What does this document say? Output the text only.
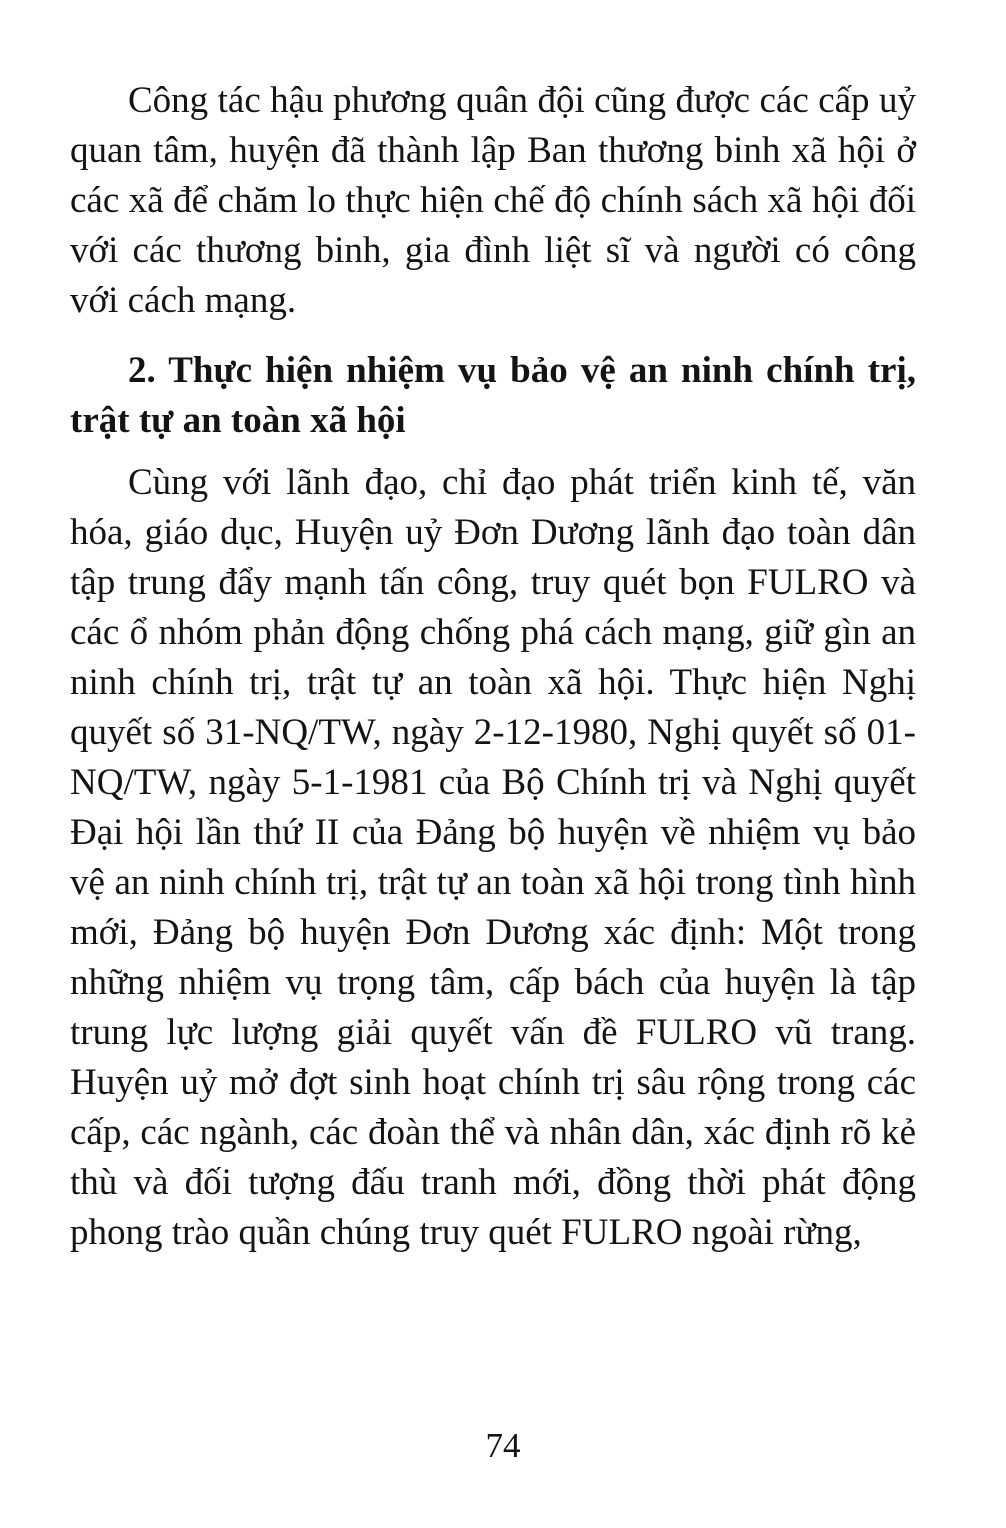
Công tác hậu phương quân đội cũng được các cấp uỷ quan tâm, huyện đã thành lập Ban thương binh xã hội ở các xã để chăm lo thực hiện chế độ chính sách xã hội đối với các thương binh, gia đình liệt sĩ và người có công với cách mạng.

2. Thực hiện nhiệm vụ bảo vệ an ninh chính trị, trật tự an toàn xã hội

Cùng với lãnh đạo, chỉ đạo phát triển kinh tế, văn hóa, giáo dục, Huyện uỷ Đơn Dương lãnh đạo toàn dân tập trung đẩy mạnh tấn công, truy quét bọn FULRO và các ổ nhóm phản động chống phá cách mạng, giữ gìn an ninh chính trị, trật tự an toàn xã hội. Thực hiện Nghị quyết số 31-NQ/TW, ngày 2-12-1980, Nghị quyết số 01-NQ/TW, ngày 5-1-1981 của Bộ Chính trị và Nghị quyết Đại hội lần thứ II của Đảng bộ huyện về nhiệm vụ bảo vệ an ninh chính trị, trật tự an toàn xã hội trong tình hình mới, Đảng bộ huyện Đơn Dương xác định: Một trong những nhiệm vụ trọng tâm, cấp bách của huyện là tập trung lực lượng giải quyết vấn đề FULRO vũ trang. Huyện uỷ mở đợt sinh hoạt chính trị sâu rộng trong các cấp, các ngành, các đoàn thể và nhân dân, xác định rõ kẻ thù và đối tượng đấu tranh mới, đồng thời phát động phong trào quần chúng truy quét FULRO ngoài rừng,

74
